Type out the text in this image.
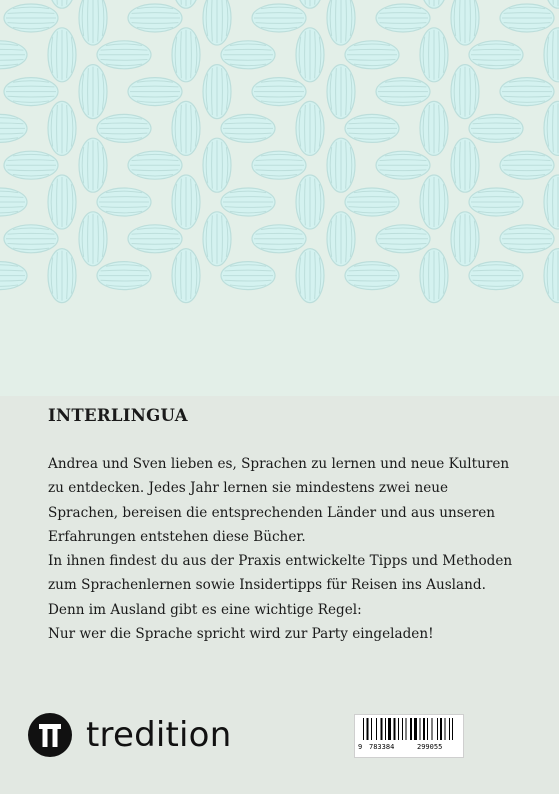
INTERLINGUA

Andrea und Sven lieben es, Sprachen zu lernen und neue Kulturen zu entdecken. Jedes Jahr lernen sie mindestens zwei neue Sprachen, bereisen die entsprechenden Länder und aus unseren Erfahrungen entstehen diese Bücher.

In ihnen findest du aus der Praxis entwickelte Tipps und Methoden zum Sprachenlernen sowie Insidertipps für Reisen ins Ausland.

Denn im Ausland gibt es eine wichtige Regel:

Nur wer die Sprache spricht wird zur Party eingeladen!

tredition	9 783384	299055
